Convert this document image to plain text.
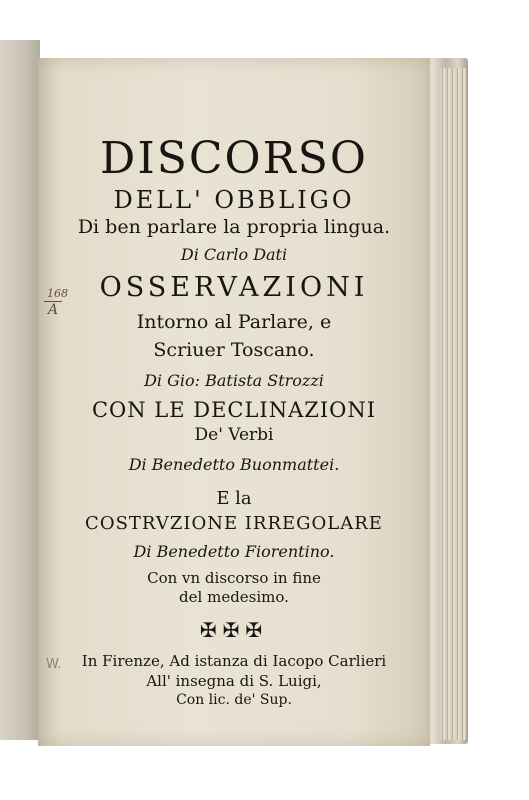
DISCORSO
DELL' OBBLIGO
Di ben parlare la propria lingua.
Di Carlo Dati
OSSERVAZIONI
Intorno al Parlare, e
Scriuer Toscano.
Di Gio: Batista Strozzi
CON LE DECLINAZIONI
De' Verbi
Di Benedetto Buonmattei.
E la
COSTRVZIONE IRREGOLARE
Di Benedetto Fiorentino.
Con vn discorso in fine
del medesimo.
✠✠✠
In Firenze, Ad istanza di Iacopo Carlieri
All' insegna di S. Luigi,
Con lic. de' Sup.
168
A
W.
